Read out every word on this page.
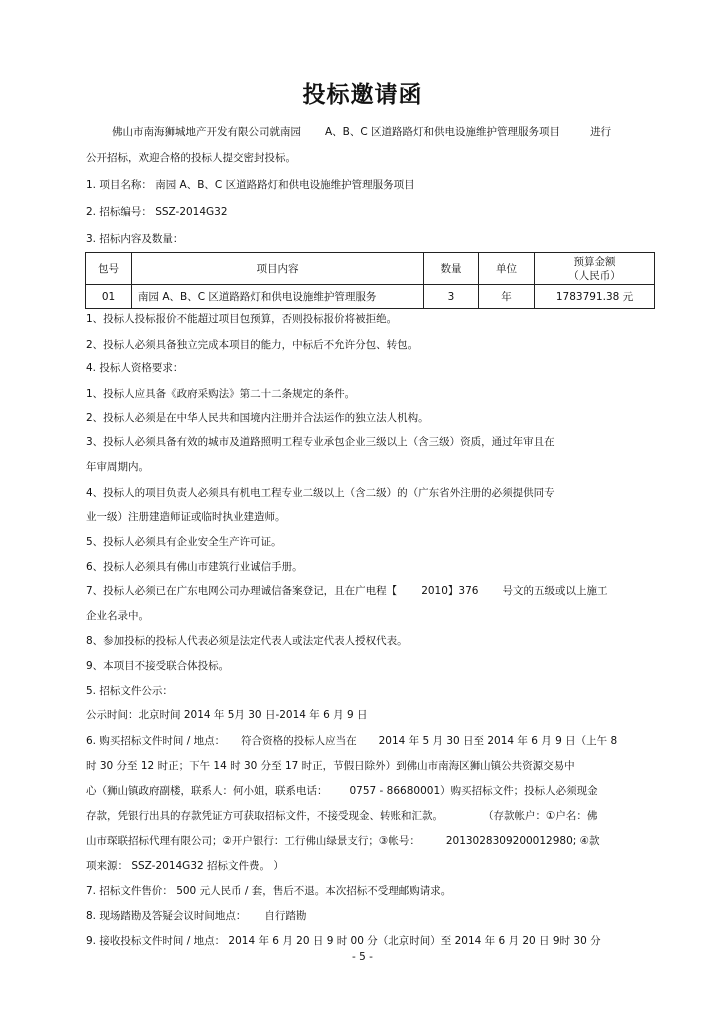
投标邀请函
佛山市南海狮城地产开发有限公司就南园 A、B、C 区道路路灯和供电设施维护管理服务项目	进行
公开招标，欢迎合格的投标人提交密封投标。
1. 项目名称： 南园 A、B、C 区道路路灯和供电设施维护管理服务项目
2. 招标编号： SSZ-2014G32
3. 招标内容及数量：
包号	项目内容	数量	单位	预算金额
（人民币）

01	南园 A、B、C 区道路路灯和供电设施维护管理服务	3	年	1783791.38 元
1、投标人投标报价不能超过项目包预算，否则投标报价将被拒绝。
2、投标人必须具备独立完成本项目的能力，中标后不允许分包、转包。
4. 投标人资格要求：
1、投标人应具备《政府采购法》第二十二条规定的条件。
2、投标人必须是在中华人民共和国境内注册并合法运作的独立法人机构。
3、投标人必须具备有效的城市及道路照明工程专业承包企业三级以上（含三级）资质，通过年审且在
年审周期内。
4、投标人的项目负责人必须具有机电工程专业二级以上（含二级）的（广东省外注册的必须提供同专
业一级）注册建造师证或临时执业建造师。
5、投标人必须具有企业安全生产许可证。
6、投标人必须具有佛山市建筑行业诚信手册。
7、投标人必须已在广东电网公司办理诚信备案登记，且在广电程【 2010】376 号文的五级或以上施工
企业名录中。
8、参加投标的投标人代表必须是法定代表人或法定代表人授权代表。
9、本项目不接受联合体投标。
5. 招标文件公示：
公示时间：北京时间 2014 年 5月 30 日-2014 年 6 月 9 日
6. 购买招标文件时间 / 地点： 符合资格的投标人应当在 2014 年 5 月 30 日至 2014 年 6 月 9 日（上午 8
时 30 分至 12 时正；下午 14 时 30 分至 17 时正，节假日除外）到佛山市南海区狮山镇公共资源交易中
心（狮山镇政府副楼，联系人：何小姐，联系电话： 0757 - 86680001）购买招标文件；投标人必须现金
存款，凭银行出具的存款凭证方可获取招标文件，不接受现金、转账和汇款。	（存款帐户：①户名：佛
山市琛联招标代理有限公司；②开户银行：工行佛山绿景支行；③帐号： 2013028309200012980; ④款
项来源： SSZ-2014G32 招标文件费。 ）
7. 招标文件售价： 500 元人民币 / 套，售后不退。本次招标不受理邮购请求。
8. 现场踏勘及答疑会议时间地点： 自行踏勘
9. 接收投标文件时间 / 地点： 2014 年 6 月 20 日 9 时 00 分（北京时间）至 2014 年 6 月 20 日 9时 30 分
- 5 -
